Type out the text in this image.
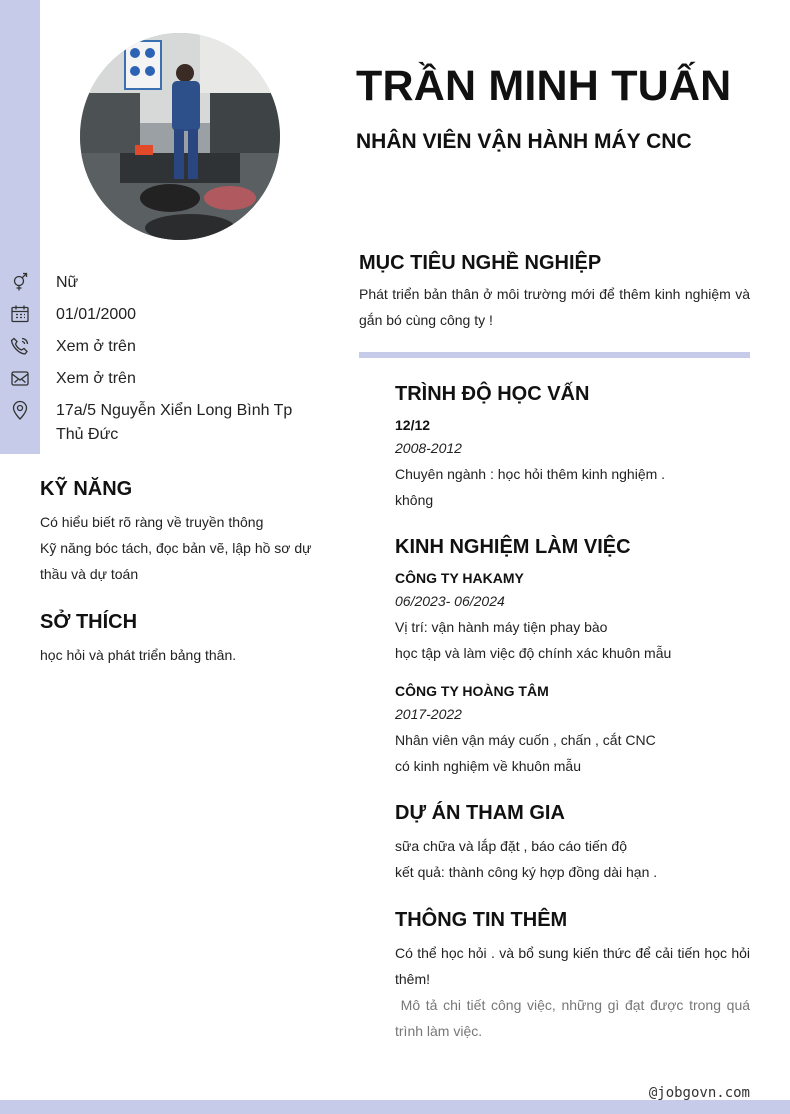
TRẦN MINH TUẤN
NHÂN VIÊN VẬN HÀNH MÁY CNC
Nữ
01/01/2000
Xem ở trên
Xem ở trên
17a/5 Nguyễn Xiển Long Bình Tp Thủ Đức
KỸ NĂNG

Có hiểu biết rõ ràng về truyền thông

Kỹ năng bóc tách, đọc bản vẽ, lập hồ sơ dự thầu và dự toán

SỞ THÍCH

học hỏi và phát triển bảng thân.

MỤC TIÊU NGHỀ NGHIỆP

Phát triển bản thân ở môi trường mới để thêm kinh nghiệm và gắn bó cùng công ty !

TRÌNH ĐỘ HỌC VẤN

12/12

2008-2012

Chuyên ngành : học hỏi thêm kinh nghiệm .

không

KINH NGHIỆM LÀM VIỆC

CÔNG TY HAKAMY

06/2023- 06/2024

Vị trí: vận hành máy tiện phay bào

học tập và làm việc độ chính xác khuôn mẫu

CÔNG TY HOÀNG TÂM

2017-2022

Nhân viên vận máy cuốn , chấn , cắt CNC

có kinh nghiệm về khuôn mẫu

DỰ ÁN THAM GIA

sữa chữa và lắp đặt , báo cáo tiến độ

kết quả: thành công ký hợp đồng dài hạn .

THÔNG TIN THÊM

Có thể học hỏi . và bổ sung kiến thức để cải tiến học hỏi thêm!

Mô tả chi tiết công việc, những gì đạt được trong quá trình làm việc.

@jobgovn.com
